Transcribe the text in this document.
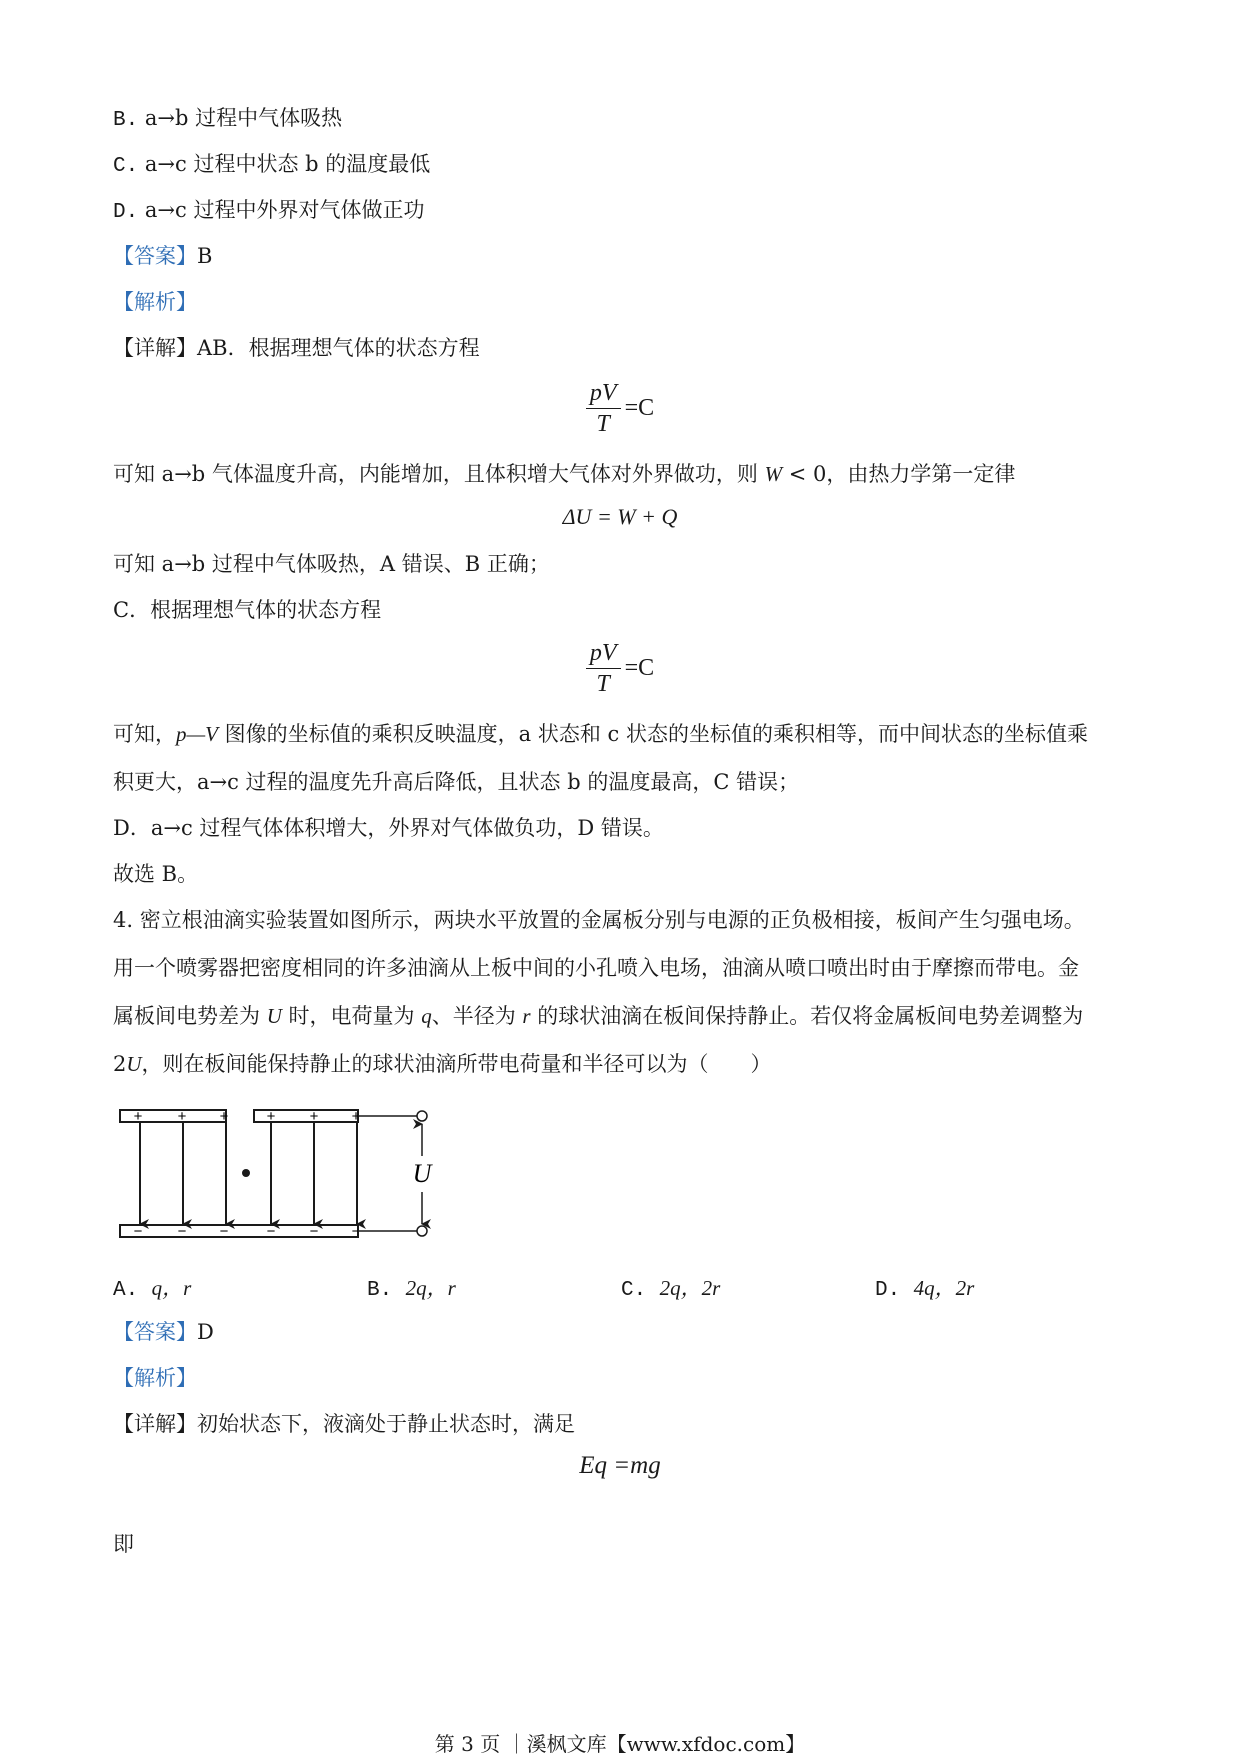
B. a→b 过程中气体吸热
C. a→c 过程中状态 b 的温度最低
D. a→c 过程中外界对气体做正功
【答案】B
【解析】
【详解】AB．根据理想气体的状态方程
$\frac{pV}{T} =C$
可知 a→b 气体温度升高，内能增加，且体积增大气体对外界做功，则 W < 0，由热力学第一定律
ΔU = W + Q
可知 a→b 过程中气体吸热，A 错误、B 正确；
C．根据理想气体的状态方程
$\frac{pV}{T} =C$
可知，p—V 图像的坐标值的乘积反映温度，a 状态和 c 状态的坐标值的乘积相等，而中间状态的坐标值乘
积更大，a→c 过程的温度先升高后降低，且状态 b 的温度最高，C 错误；
D．a→c 过程气体体积增大，外界对气体做负功，D 错误。
故选 B。
4. 密立根油滴实验装置如图所示，两块水平放置的金属板分别与电源的正负极相接，板间产生匀强电场。
用一个喷雾器把密度相同的许多油滴从上板中间的小孔喷入电场，油滴从喷口喷出时由于摩擦而带电。金
属板间电势差为 U 时，电荷量为 q、半径为 r 的球状油滴在板间保持静止。若仅将金属板间电势差调整为
2U，则在板间能保持静止的球状油滴所带电荷量和半径可以为（　　）
+ + +	+ + +
− − −	− − −
U
A. q，r	B. 2q，r	C. 2q，2r	D. 4q，2r
【答案】D
【解析】
【详解】初始状态下，液滴处于静止状态时，满足
Eq =mg
即
第 3 页 ｜溪枫文库【www.xfdoc.com】
